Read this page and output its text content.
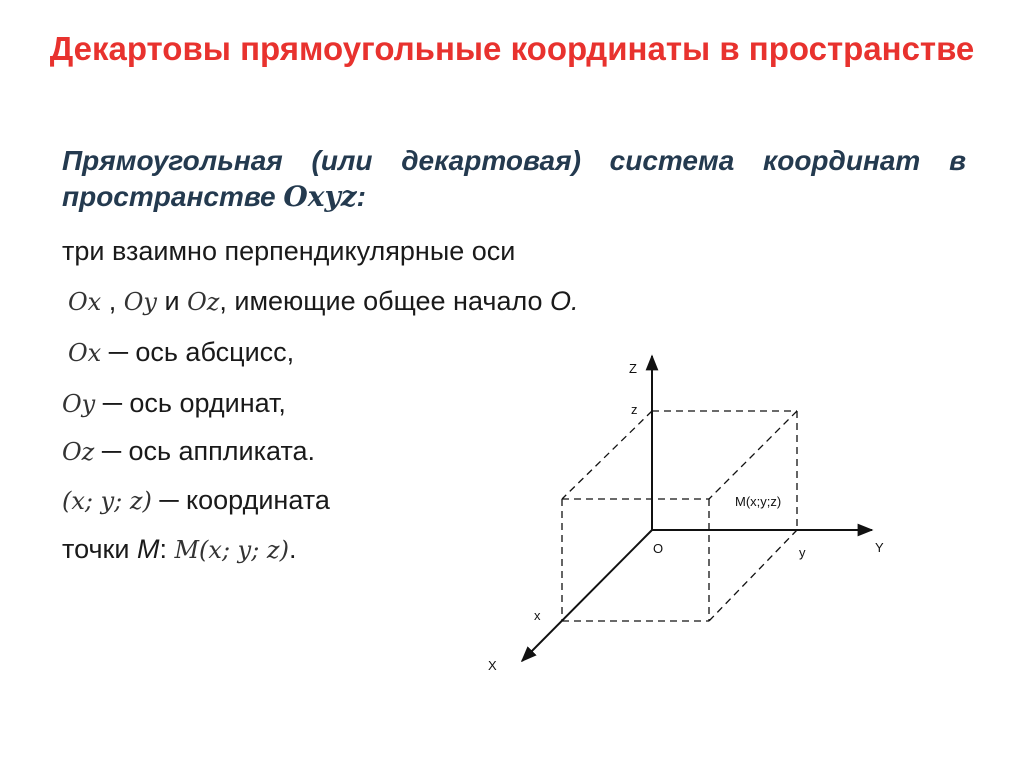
Декартовы прямоугольные координаты в пространстве
Прямоугольная (или декартовая) система координат в пространстве Oxyz:
три взаимно перпендикулярные оси
Ox , Oy и Oz, имеющие общее начало O.
Ox ─ ось абсцисс,
Oy ─ ось ординат,
Oz ─ ось аппликата.
(x; y; z) ─ координата
точки M: M(x; y; z).
Z
z
O	y	Y
x
X
M(x;y;z)
